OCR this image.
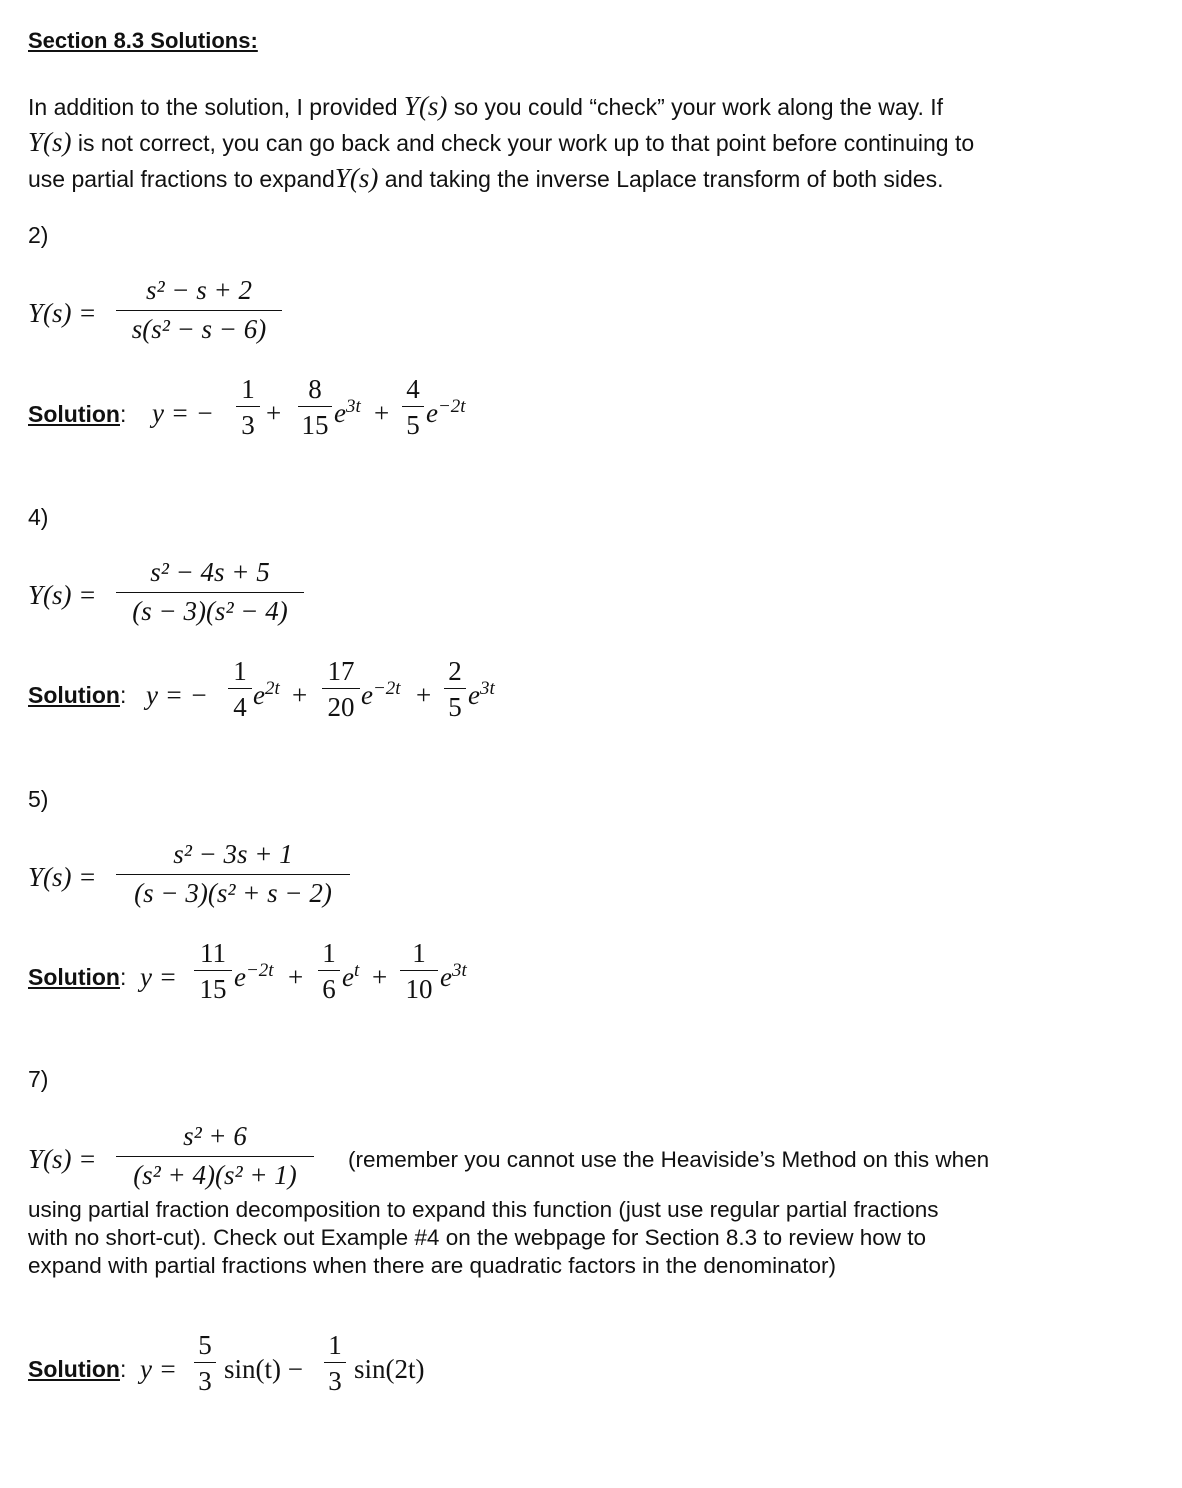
Section 8.3 Solutions:
In addition to the solution, I provided Y(s) so you could “check” your work along the way. If
Y(s) is not correct, you can go back and check your work up to that point before continuing to
use partial fractions to expandY(s) and taking the inverse Laplace transform of both sides.
2)
Y(s) =
s² − s + 2
s(s² − s − 6)
Solution: y = −
1
3 +
8
15 $e^{3t}$ +
4
5 $e^{-2t}$
4)
Y(s) =
s² − 4s + 5
(s − 3)(s² − 4)
Solution: y = −
1
4 $e^{2t}$ +
17
20 $e^{-2t}$ +
2
5 $e^{3t}$
5)
Y(s) =
s² − 3s + 1
(s − 3)(s² + s − 2)
Solution: y =
11
15 $e^{-2t}$ +
1
6 $e^t$ +
1
10 $e^{3t}$
7)
Y(s) =
s² + 6
(s² + 4)(s² + 1)
(remember you cannot use the Heaviside’s Method on this when
using partial fraction decomposition to expand this function (just use regular partial fractions
with no short-cut). Check out Example #4 on the webpage for Section 8.3 to review how to
expand with partial fractions when there are quadratic factors in the denominator)
Solution: y =
5
3 sin(t) −
1
3 sin(2t)
